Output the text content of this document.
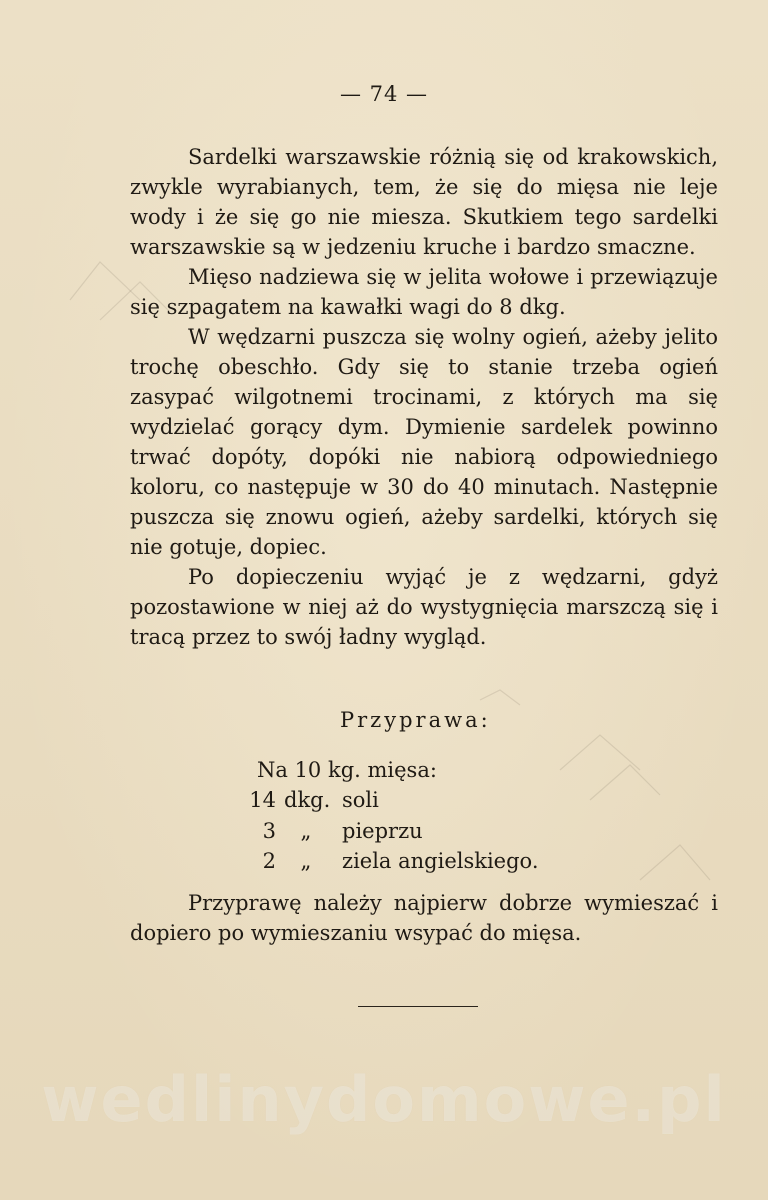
— 74 —

Sardelki warszawskie różnią się od krakowskich, zwykle wyrabianych, tem, że się do mięsa nie leje wody i że się go nie miesza. Skutkiem tego sardelki warszawskie są w jedzeniu kruche i bardzo smaczne.

Mięso nadziewa się w jelita wołowe i przewiązuje się szpagatem na kawałki wagi do 8 dkg.

W wędzarni puszcza się wolny ogień, ażeby jelito trochę obeschło. Gdy się to stanie trzeba ogień zasypać wilgotnemi trocinami, z których ma się wydzielać gorący dym. Dymienie sardelek powinno trwać dopóty, dopóki nie nabiorą odpowiedniego koloru, co następuje w 30 do 40 minutach. Następnie puszcza się znowu ogień, ażeby sardelki, których się nie gotuje, dopiec.

Po dopieczeniu wyjąć je z wędzarni, gdyż pozostawione w niej aż do wystygnięcia marszczą się i tracą przez to swój ładny wygląd.

Przyprawa:
Na 10 kg. mięsa:
14 dkg. soli
3 „ pieprzu
2 „ ziela angielskiego.

Przyprawę należy najpierw dobrze wymieszać i dopiero po wymieszaniu wsypać do mięsa.

wedlinydomowe.pl
